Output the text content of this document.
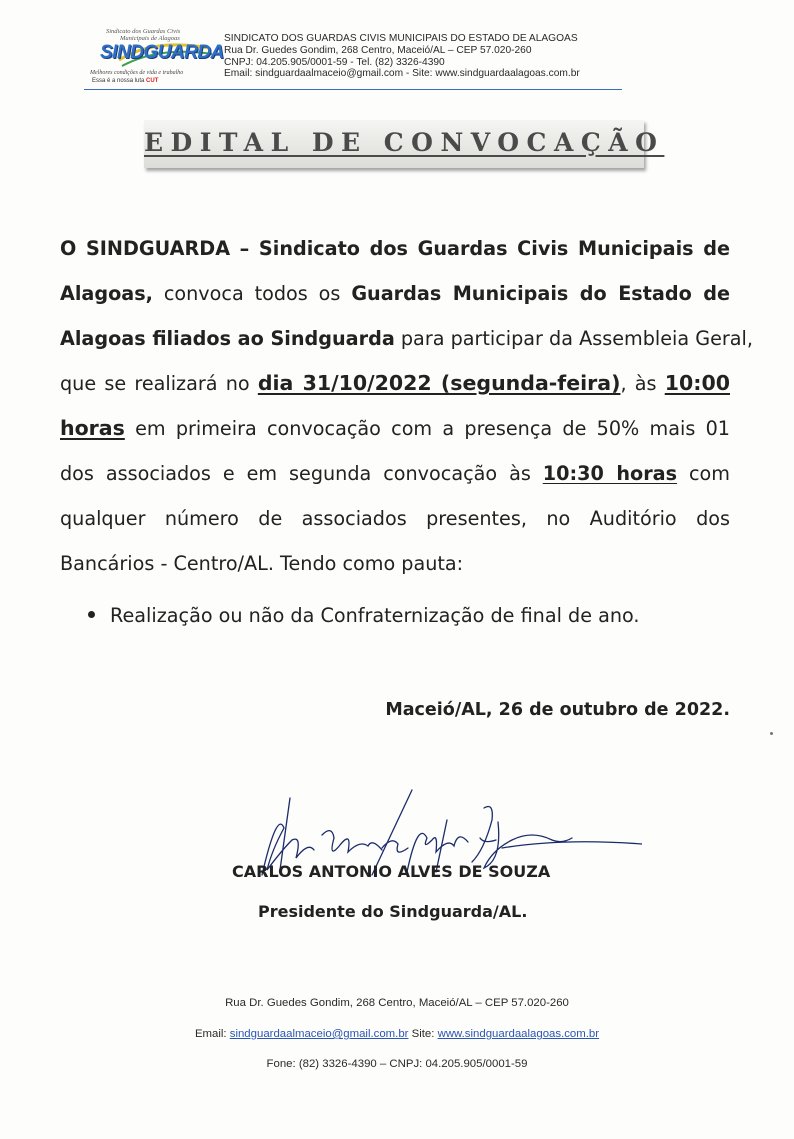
Sindicato dos Guardas Civis
Municipais de Alagoas
SINDGUARDA
Melhores condições de vida e trabalho
Essa é a nossa luta CUT
SINDICATO DOS GUARDAS CIVIS MUNICIPAIS DO ESTADO DE ALAGOAS
Rua Dr. Guedes Gondim, 268 Centro, Maceió/AL – CEP 57.020-260
CNPJ: 04.205.905/0001-59 - Tel. (82) 3326-4390
Email: sindguardaalmaceio@gmail.com - Site: www.sindguardaalagoas.com.br
EDITAL DE CONVOCAÇÃO
O SINDGUARDA – Sindicato dos Guardas Civis Municipais de
Alagoas, convoca todos os Guardas Municipais do Estado de
Alagoas filiados ao Sindguarda para participar da Assembleia Geral,
que se realizará no dia 31/10/2022 (segunda-feira), às 10:00
horas em primeira convocação com a presença de 50% mais 01
dos associados e em segunda convocação às 10:30 horas com
qualquer número de associados presentes, no Auditório dos
Bancários - Centro/AL. Tendo como pauta:
Realização ou não da Confraternização de final de ano.
Maceió/AL, 26 de outubro de 2022.
CARLOS ANTONIO ALVES DE SOUZA
Presidente do Sindguarda/AL.
Rua Dr. Guedes Gondim, 268 Centro, Maceió/AL – CEP 57.020-260
Email: sindguardaalmaceio@gmail.com.br Site: www.sindguardaalagoas.com.br
Fone: (82) 3326-4390 – CNPJ: 04.205.905/0001-59
